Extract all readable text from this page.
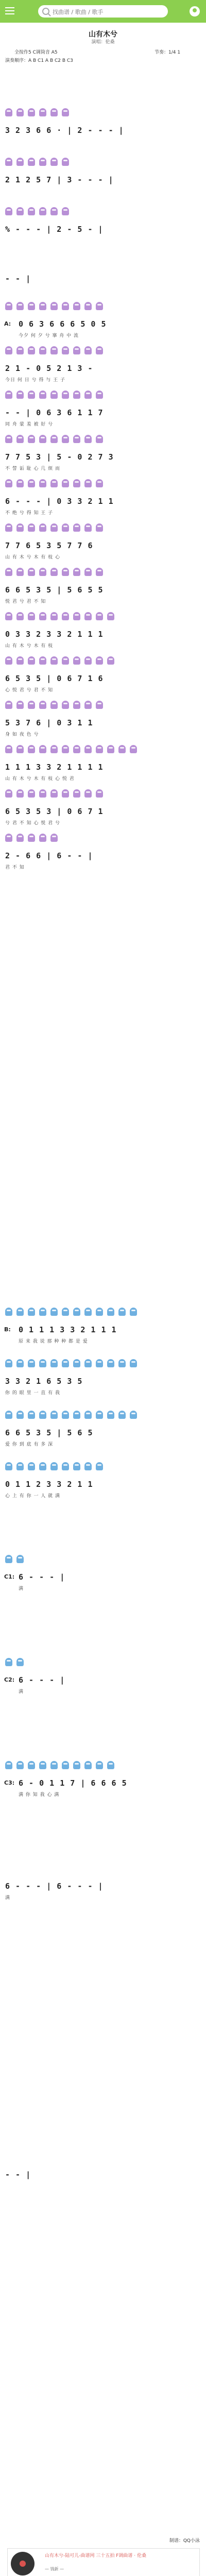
找曲谱 / 歌曲 / 歌手
山有木兮
演唱：伦桑
全按作5 C调筒音 A5	节奏：1/4 1
演奏顺序：A B C1 A B C2 B C3
3 2 3 6 6 · | 2 - - - |
2 1 2 5 7 | 3 - - - |
% - - - | 2 - 5 - |
- - |
A: 0 6 3 6 6 6 5 0 5
今夕 何 夕 兮 搴 舟 中 流
2 1 - 0 5 2 1 3 -
今日 何 日 兮 得 与 王 子
- - | 0 6 3 6 1 1 7
同 舟 蒙 羞 被 好 兮
7 7 5 3 | 5 - 0 2 7 3
不 訾 诟 耻 心 几 烦 而
6 - - - | 0 3 3 2 1 1
不 绝 兮 得 知 王 子
7 7 6 5 3 5 7 7 6
山 有 木 兮 木 有 枝 心
6 6 5 3 5 | 5 6 5 5
悦 君 兮 君 不 知
0 3 3 2 3 3 2 1 1 1
山 有 木 兮 木 有 枝
6 5 3 5 | 0 6 7 1 6
心 悦 君 兮 君 不 知
5 3 7 6 | 0 3 1 1
身 如 夜 色 兮
1 1 1 3 3 2 1 1 1 1
山 有 木 兮 木 有 枝 心 悦 君
6 5 3 5 3 | 0 6 7 1
兮 君 不 知 心 悦 君 兮
2 - 6 6 | 6 - - |
君 不 知
B: 0 1 1 1 3 3 2 1 1 1
原 来 我 说 那 种 种 都 是 爱
3 3 2 1 6 5 3 5
你 的 眼 里 一 直 有 我
6 6 5 3 5 | 5 6 5
爱 你 到 底 有 多 深
0 1 1 2 3 3 2 1 1
心 上 有 你 一 人 就 满
C1: 6 - - - |
满
C2: 6 - - - |
满
C3: 6 - 0 1 1 7 | 6 6 6 5
满 你 知 我 心 满
6 - - - | 6 - - - |
满
- - |
制谱：QQ小泳
山有木兮-陆可儿-曲谱网 三十五拍 F调曲谱 · 伦桑
— 钱新 —
